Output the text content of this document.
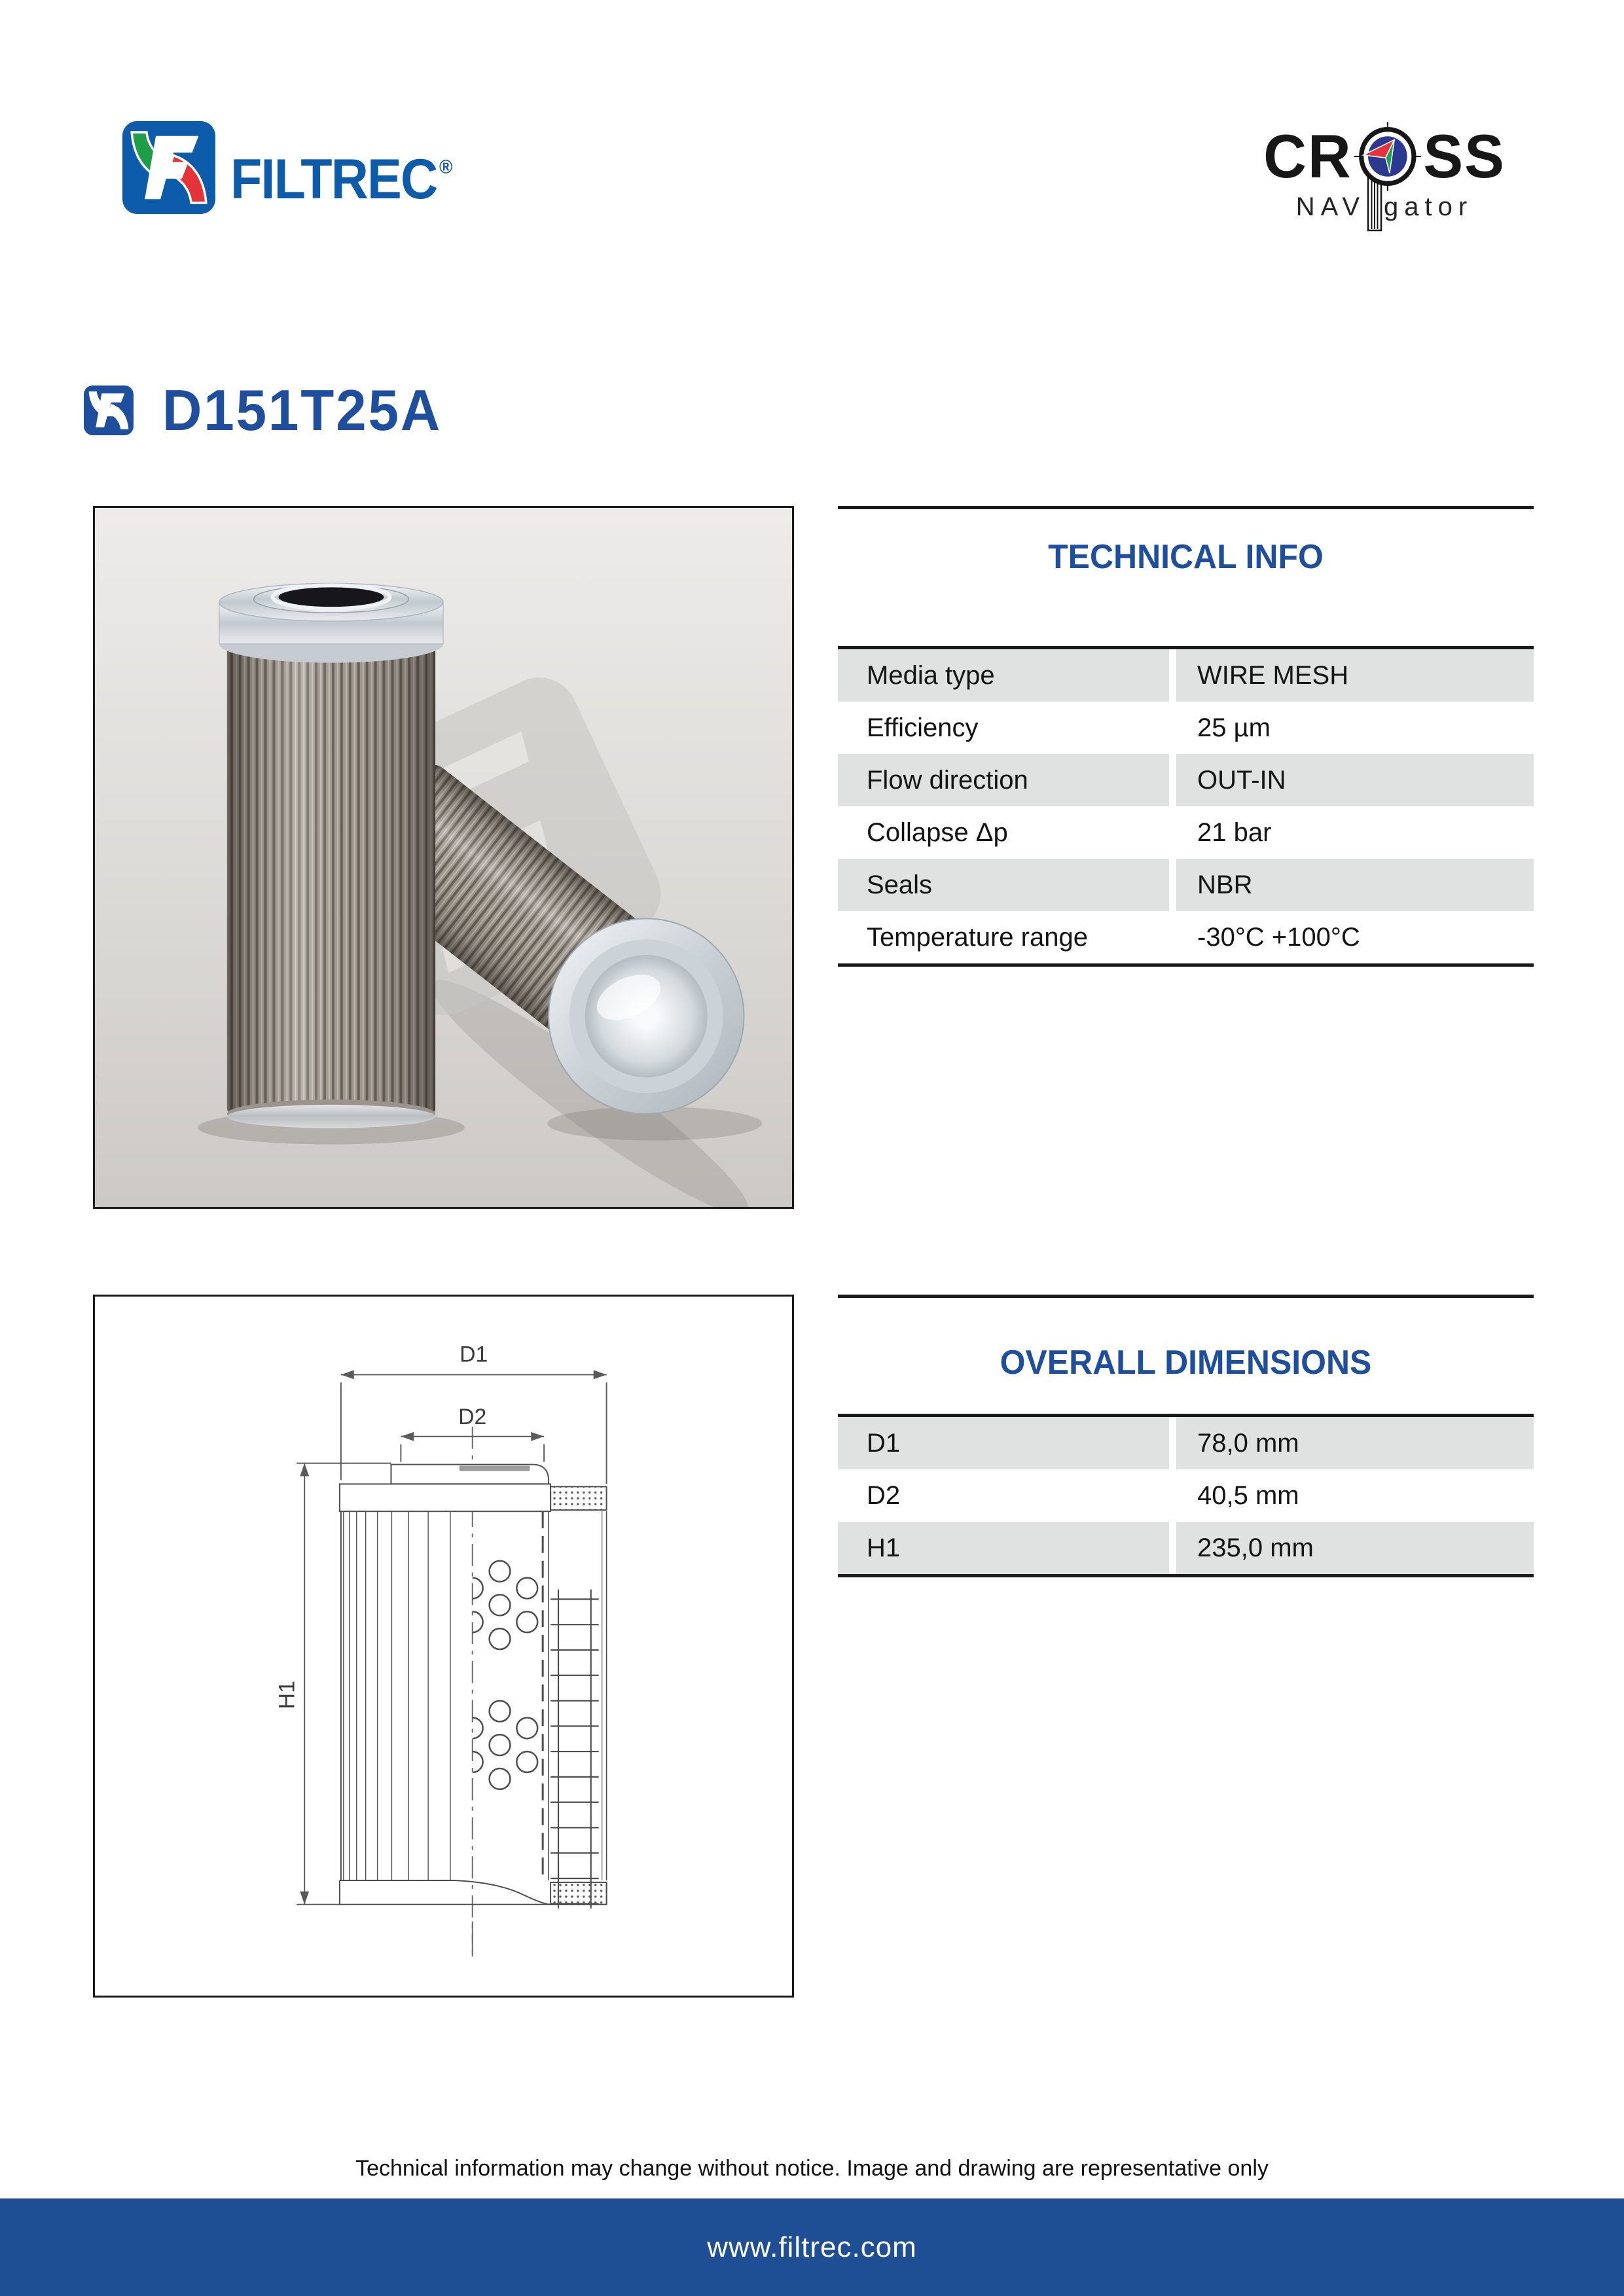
FILTREC ®	CR SS
NAV gator
D151T25A
TECHNICAL INFO
Media type	WIRE MESH
Efficiency	25 µm
Flow direction	OUT-IN
Collapse Δp	21 bar
Seals	NBR
Temperature range	-30°C +100°C
D1
D2
H1
OVERALL DIMENSIONS
D1	78,0 mm
D2	40,5 mm
H1	235,0 mm
Technical information may change without notice. Image and drawing are representative only
www.filtrec.com
